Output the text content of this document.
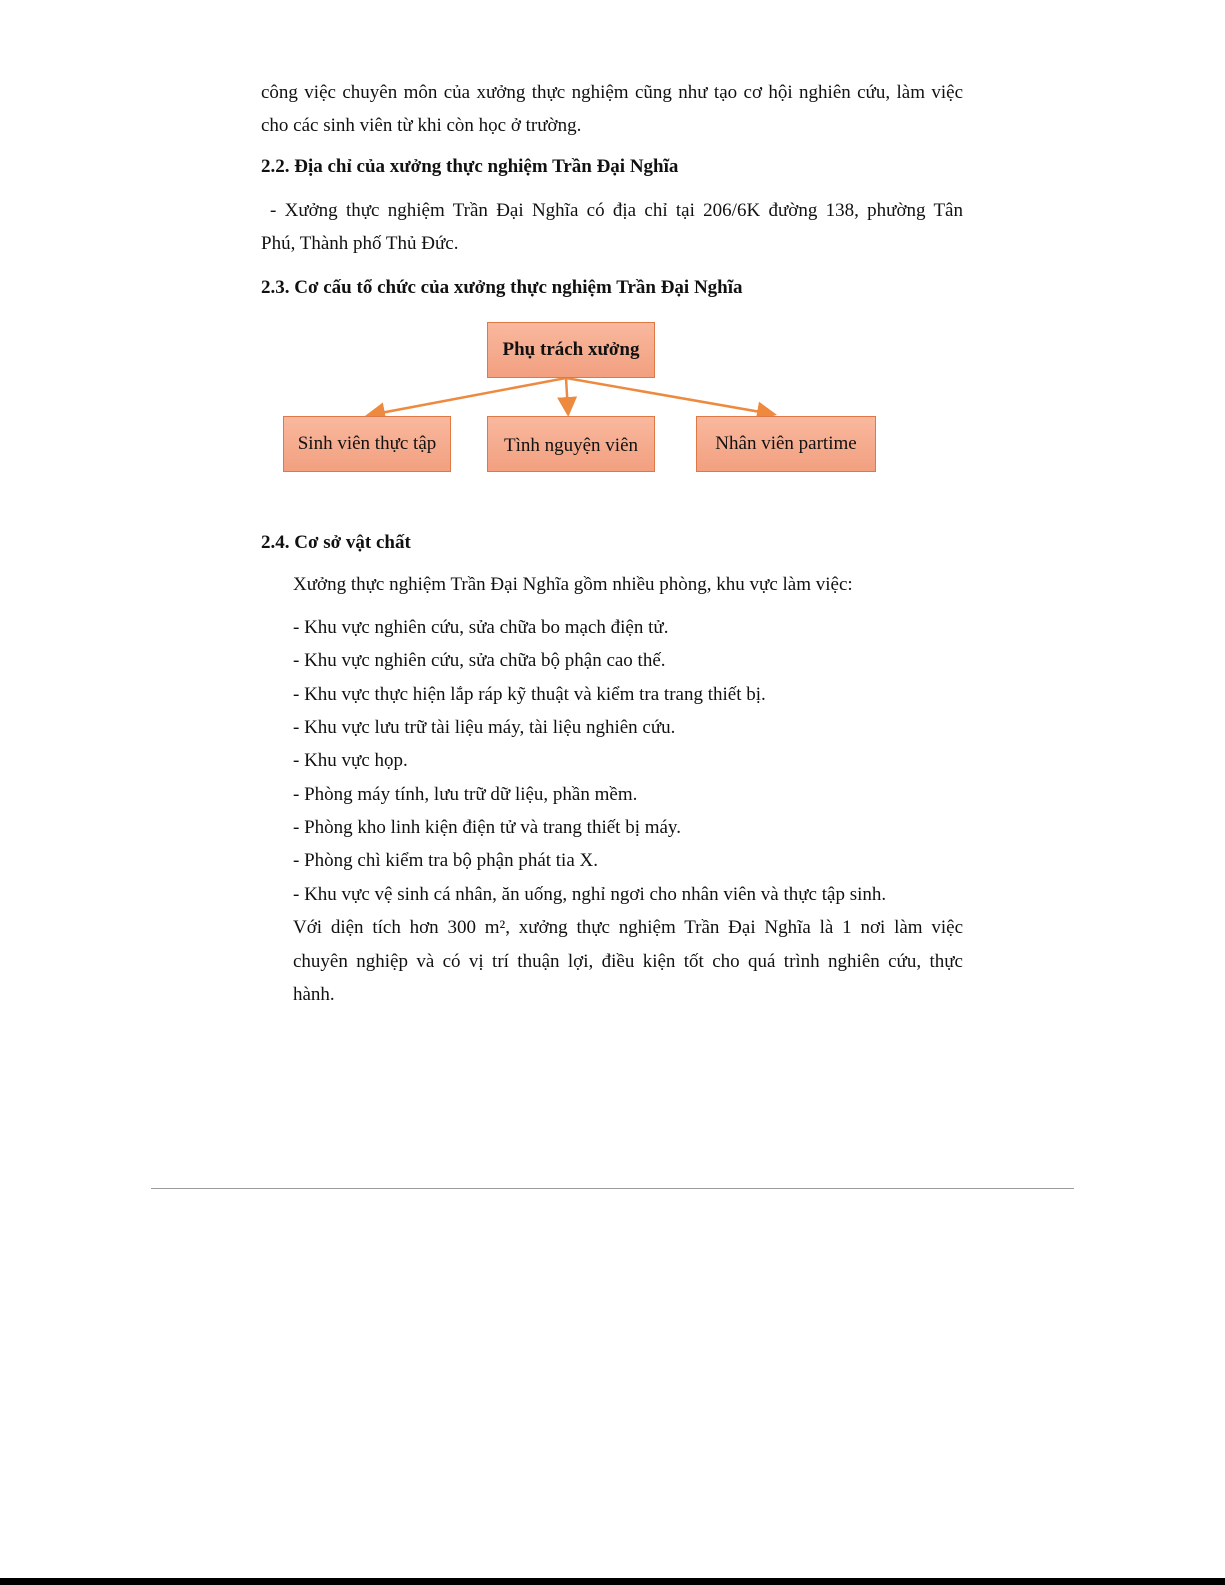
công việc chuyên môn của xưởng thực nghiệm cũng như tạo cơ hội nghiên cứu, làm việc

cho các sinh viên từ khi còn học ở trường.

2.2. Địa chỉ của xưởng thực nghiệm Trần Đại Nghĩa

- Xưởng thực nghiệm Trần Đại Nghĩa có địa chỉ tại 206/6K đường 138, phường Tân

Phú, Thành phố Thủ Đức.

2.3. Cơ cấu tổ chức của xưởng thực nghiệm Trần Đại Nghĩa
Phụ trách xưởng
Sinh viên thực tập	Tình nguyện viên	Nhân viên partime
2.4. Cơ sở vật chất

Xưởng thực nghiệm Trần Đại Nghĩa gồm nhiều phòng, khu vực làm việc:

- Khu vực nghiên cứu, sửa chữa bo mạch điện tử.

- Khu vực nghiên cứu, sửa chữa bộ phận cao thế.

- Khu vực thực hiện lắp ráp kỹ thuật và kiểm tra trang thiết bị.

- Khu vực lưu trữ tài liệu máy, tài liệu nghiên cứu.

- Khu vực họp.

- Phòng máy tính, lưu trữ dữ liệu, phần mềm.

- Phòng kho linh kiện điện tử và trang thiết bị máy.

- Phòng chì kiểm tra bộ phận phát tia X.

- Khu vực vệ sinh cá nhân, ăn uống, nghỉ ngơi cho nhân viên và thực tập sinh.

Với diện tích hơn 300 m², xưởng thực nghiệm Trần Đại Nghĩa là 1 nơi làm việc

chuyên nghiệp và có vị trí thuận lợi, điều kiện tốt cho quá trình nghiên cứu, thực

hành.
